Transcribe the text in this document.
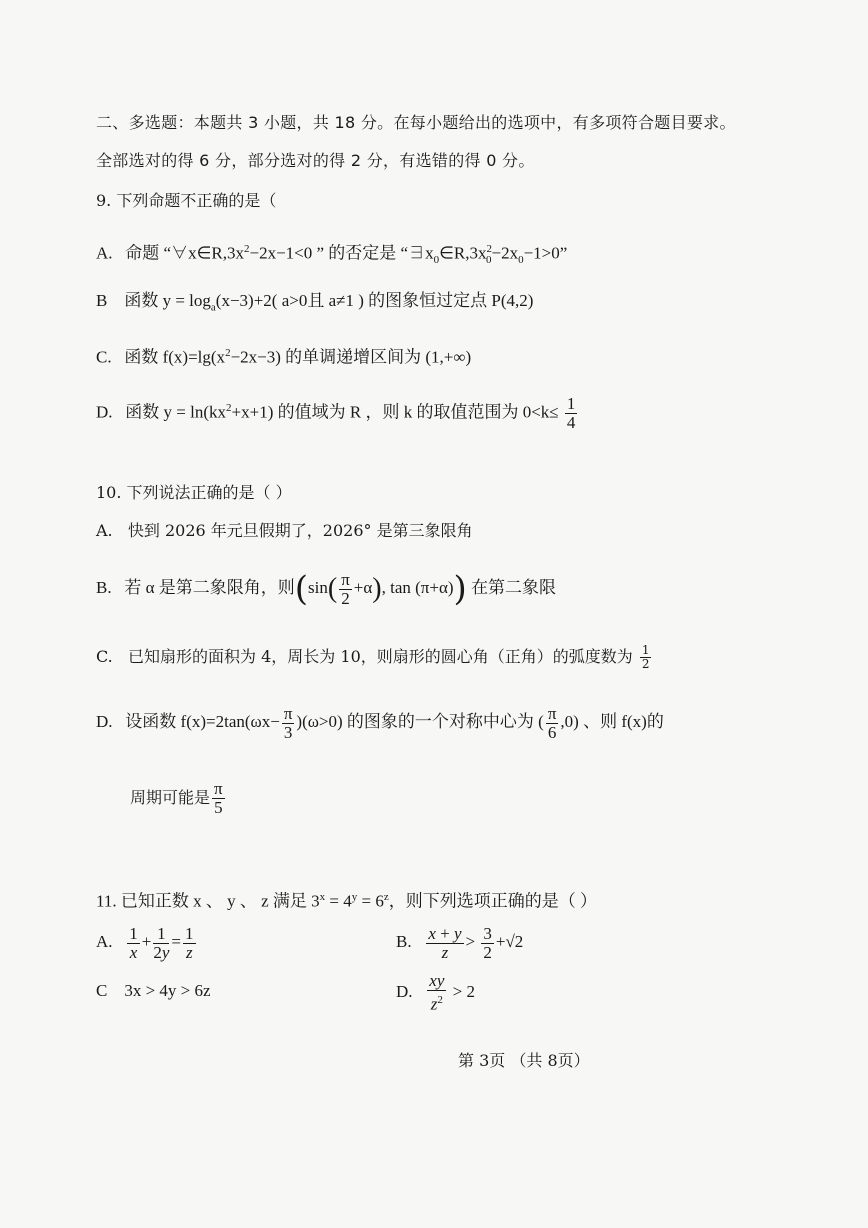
二、多选题：本题共 3 小题，共 18 分。在每小题给出的选项中，有多项符合题目要求。
全部选对的得 6 分，部分选对的得 2 分，有选错的得 0 分。
9. 下列命题不正确的是（
A. 命题 “$\forall x\in R,3x^2-2x-1<0$ ” 的否定是 “$\exists x_0\in R,3x^2_0-2x_0-1>0$”
B 函数 $y = \log_a(x-3)+2$( a>0且 a≠1 ) 的图象恒过定点 P(4,2)
C. 函数 $f(x)=\lg(x^2-2x-3)$ 的单调递增区间为 (1,+∞)
D. 函数 $y = \ln(kx^2+x+1)$ 的值域为 R ，则 k 的取值范围为 $0<k\le \frac{1}{4}$
10. 下列说法正确的是（ ）
A. 快到 2026 年元旦假期了，2026° 是第三象限角
B. 若 α 是第二象限角，则($\sin( \frac{\pi}{2} +\alpha)$, tan (π+α)) 在第二象限
C. 已知扇形的面积为 4，周长为 10，则扇形的圆心角（正角）的弧度数为 $\frac{1}{2}$
D. 设函数 $f(x)=2\tan(\omega x- \frac{\pi}{3} )(\omega>0)$ 的图象的一个对称中心为 ( $\frac{\pi}{6} ,0$) 、则 f(x)的
周期可能是 $\frac{\pi}{5}$
11. 已知正数 x 、 y 、 z 满足 $3^x = 4^y = 6^z$，则下列选项正确的是（ ）
A. $\frac{1}{x} + \frac{1}{2y} = \frac{1}{z}$	B. $\frac{x + y}{z} > \frac{3}{2} +√2$
C 3x > 4y > 6z	D. $\frac{xy}{z^2} > 2$
第 3页 （共 8页）
